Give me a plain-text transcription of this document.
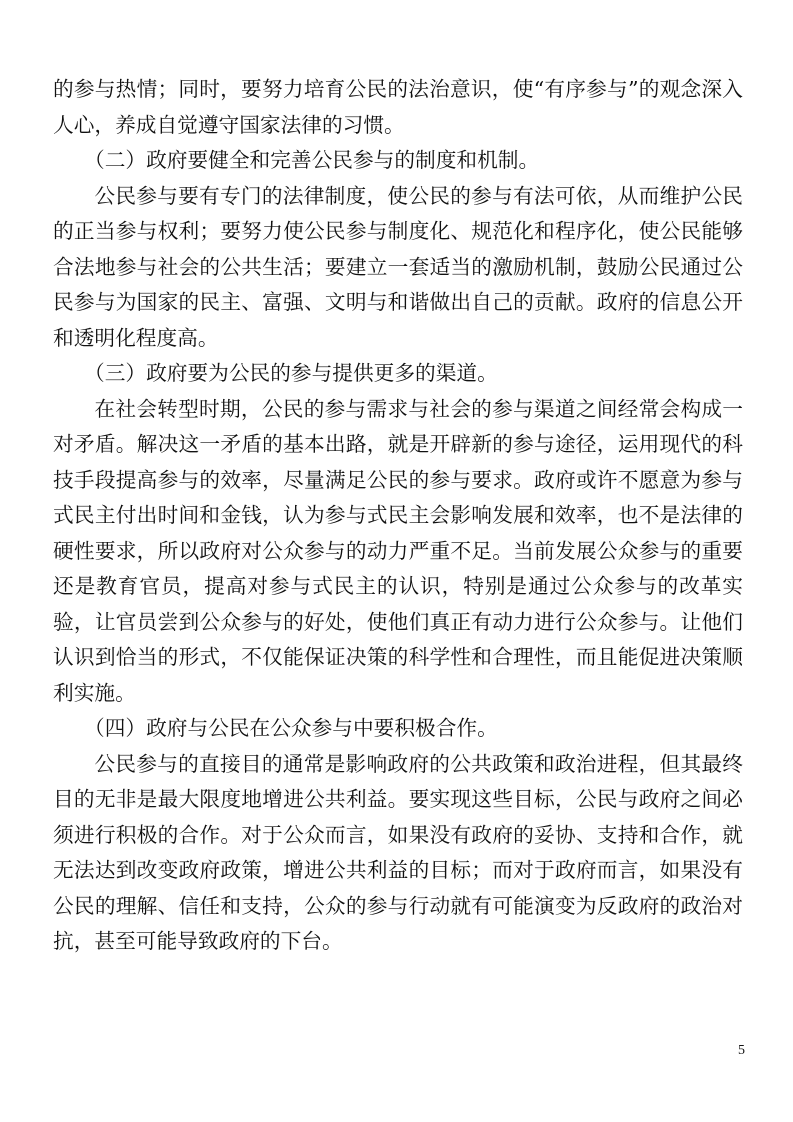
的参与热情；同时，要努力培育公民的法治意识，使“有序参与”的观念深入人心，养成自觉遵守国家法律的习惯。

（二）政府要健全和完善公民参与的制度和机制。

公民参与要有专门的法律制度，使公民的参与有法可依，从而维护公民的正当参与权利；要努力使公民参与制度化、规范化和程序化，使公民能够合法地参与社会的公共生活；要建立一套适当的激励机制，鼓励公民通过公民参与为国家的民主、富强、文明与和谐做出自己的贡献。政府的信息公开和透明化程度高。

（三）政府要为公民的参与提供更多的渠道。

在社会转型时期，公民的参与需求与社会的参与渠道之间经常会构成一对矛盾。解决这一矛盾的基本出路，就是开辟新的参与途径，运用现代的科技手段提高参与的效率，尽量满足公民的参与要求。政府或许不愿意为参与式民主付出时间和金钱，认为参与式民主会影响发展和效率，也不是法律的硬性要求，所以政府对公众参与的动力严重不足。当前发展公众参与的重要还是教育官员，提高对参与式民主的认识，特别是通过公众参与的改革实验，让官员尝到公众参与的好处，使他们真正有动力进行公众参与。让他们认识到恰当的形式，不仅能保证决策的科学性和合理性，而且能促进决策顺利实施。

（四）政府与公民在公众参与中要积极合作。

公民参与的直接目的通常是影响政府的公共政策和政治进程，但其最终目的无非是最大限度地增进公共利益。要实现这些目标，公民与政府之间必须进行积极的合作。对于公众而言，如果没有政府的妥协、支持和合作，就无法达到改变政府政策，增进公共利益的目标；而对于政府而言，如果没有公民的理解、信任和支持，公众的参与行动就有可能演变为反政府的政治对抗，甚至可能导致政府的下台。

5
